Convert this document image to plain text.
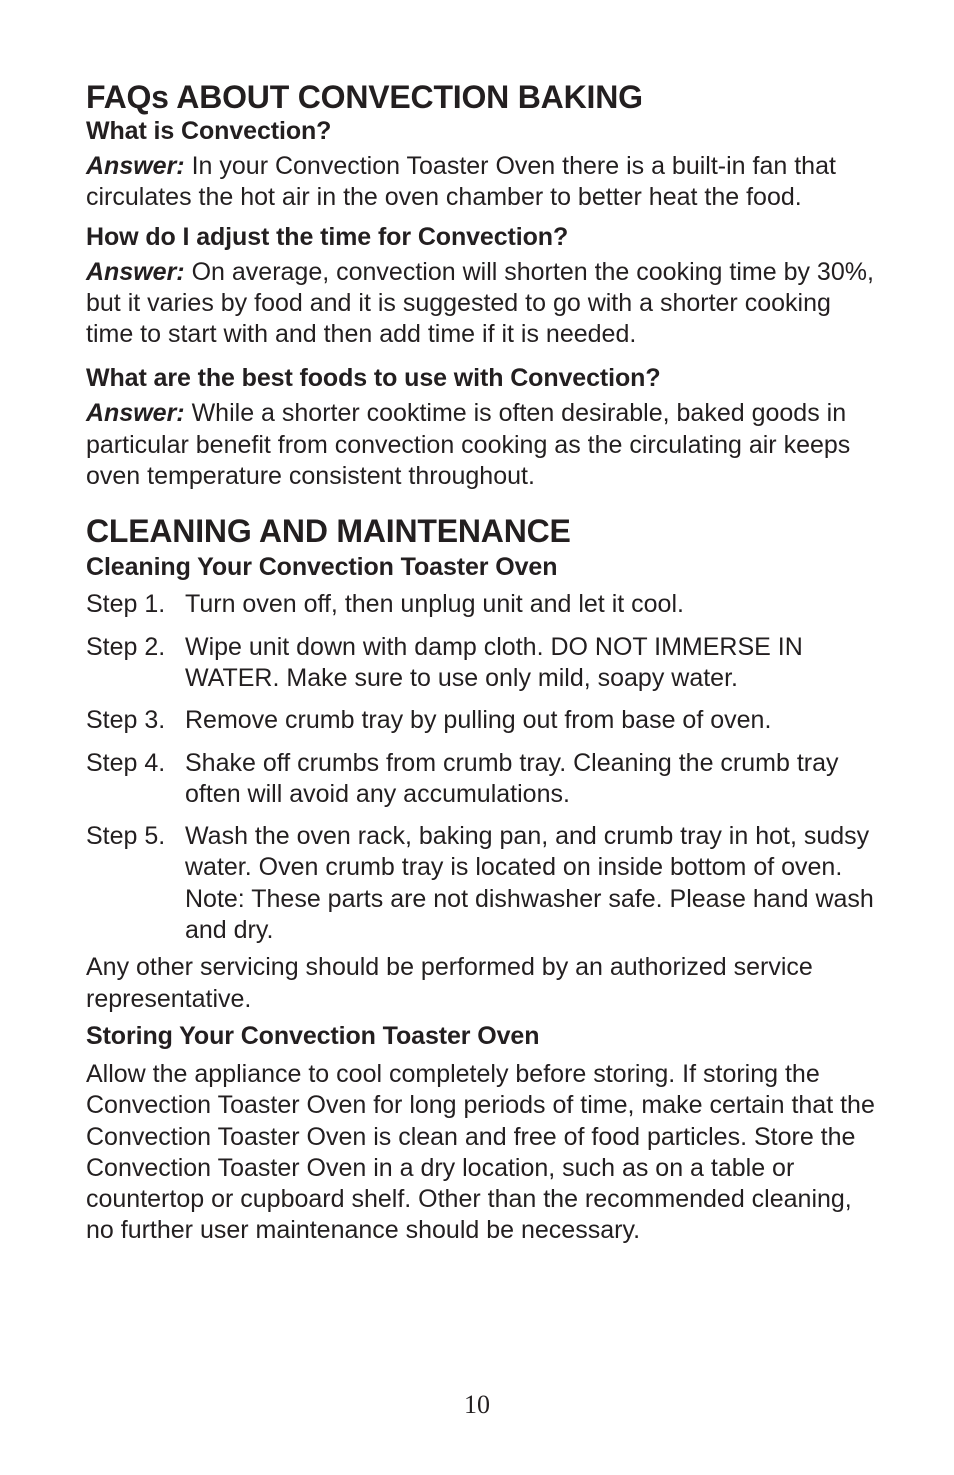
FAQs ABOUT CONVECTION BAKING
What is Convection?

Answer: In your Convection Toaster Oven there is a built-in fan that circulates the hot air in the oven chamber to better heat the food.

How do I adjust the time for Convection?

Answer: On average, convection will shorten the cooking time by 30%, but it varies by food and it is suggested to go with a shorter cooking time to start with and then add time if it is needed.

What are the best foods to use with Convection?

Answer: While a shorter cooktime is often desirable, baked goods in particular benefit from convection cooking as the circulating air keeps oven temperature consistent throughout.

CLEANING AND MAINTENANCE
Cleaning Your Convection Toaster Oven
Step 1. Turn oven off, then unplug unit and let it cool.
Step 2. Wipe unit down with damp cloth. DO NOT IMMERSE IN WATER. Make sure to use only mild, soapy water.
Step 3. Remove crumb tray by pulling out from base of oven.
Step 4. Shake off crumbs from crumb tray. Cleaning the crumb tray often will avoid any accumulations.
Step 5. Wash the oven rack, baking pan, and crumb tray in hot, sudsy water. Oven crumb tray is located on inside bottom of oven. Note: These parts are not dishwasher safe. Please hand wash and dry.

Any other servicing should be performed by an authorized service representative.

Storing Your Convection Toaster Oven

Allow the appliance to cool completely before storing. If storing the Convection Toaster Oven for long periods of time, make certain that the Convection Toaster Oven is clean and free of food particles. Store the Convection Toaster Oven in a dry location, such as on a table or countertop or cupboard shelf. Other than the recommended cleaning, no further user maintenance should be necessary.

10
